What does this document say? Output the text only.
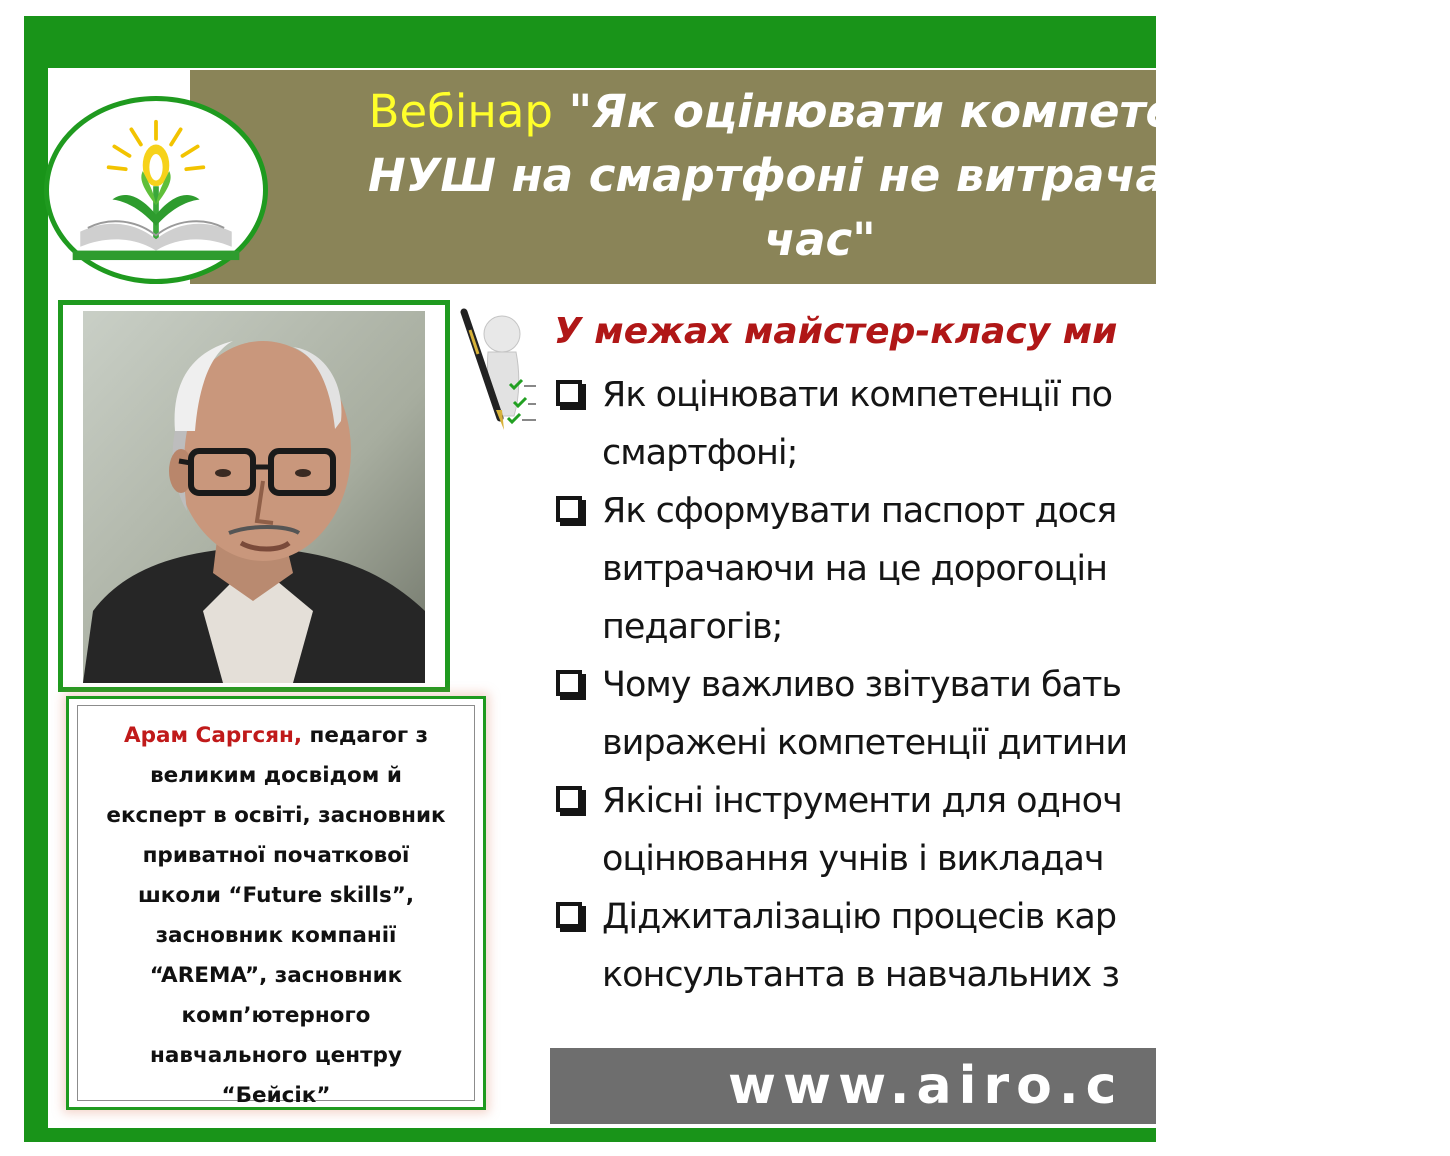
Вебінар "Як оцінювати компетенції
НУШ на смартфоні не витрачаючи
час"
Арам Саргсян, педагог з
великим досвідом й
експерт в освіті, засновник
приватної початкової
школи “Future skills”,
засновник компанії
“AREMA”, засновник
комп’ютерного
навчального центру
“Бейсік”
У межах майстер-класу ми
Як оцінювати компетенції по
смартфоні;
Як сформувати паспорт дося
витрачаючи на це дорогоцін
педагогів;
Чому важливо звітувати бать
виражені компетенції дитини
Якісні інструменти для одноч
оцінювання учнів і викладач
Діджиталізацію процесів кар
консультанта в навчальних з
www.airo.c
